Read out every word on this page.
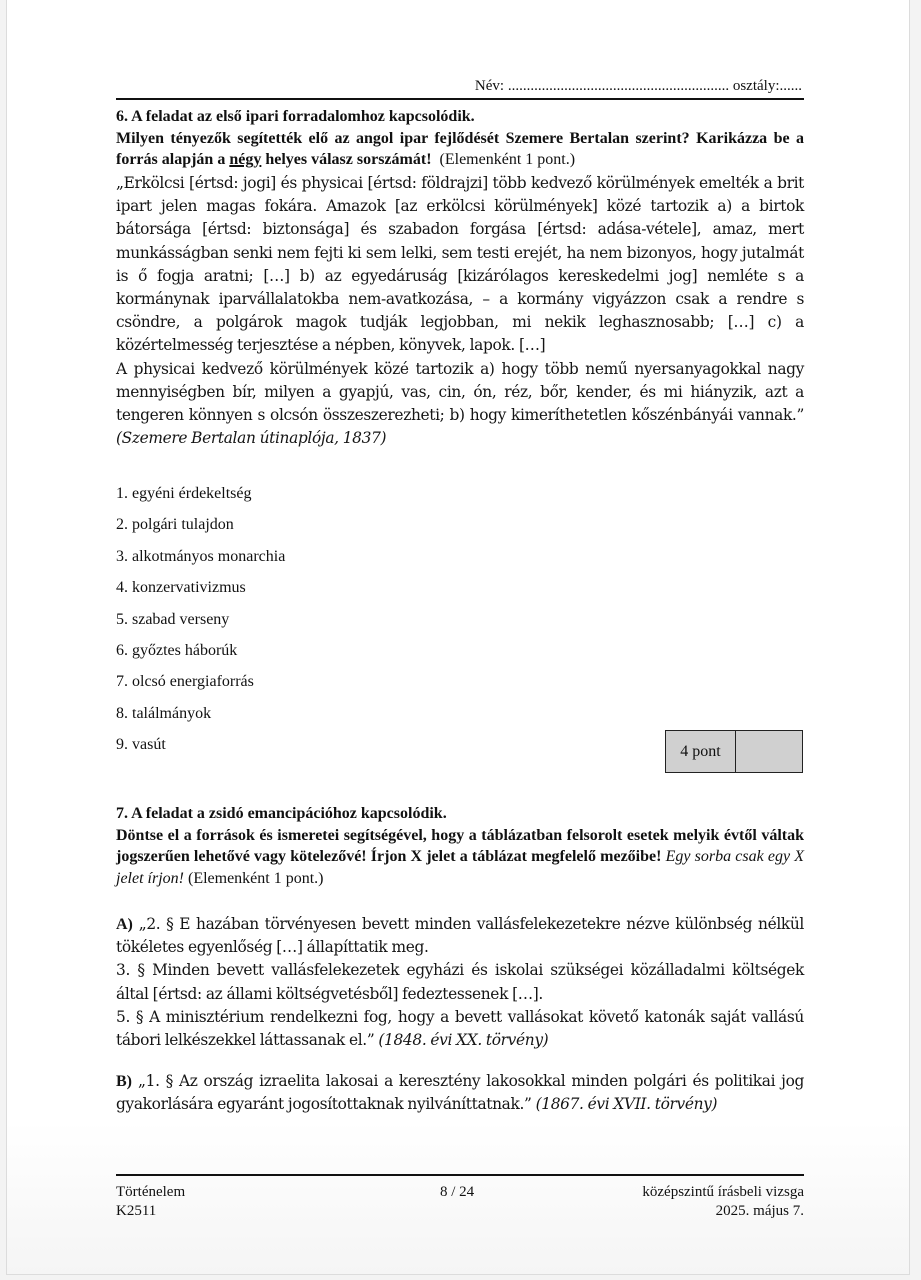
Név: ........................................................... osztály:......
6. A feladat az első ipari forradalomhoz kapcsolódik.
Milyen tényezők segítették elő az angol ipar fejlődését Szemere Bertalan szerint? Karikázza be a forrás alapján a négy helyes válasz sorszámát! (Elemenként 1 pont.)

„Erkölcsi [értsd: jogi] és physicai [értsd: földrajzi] több kedvező körülmények emelték a brit ipart jelen magas fokára. Amazok [az erkölcsi körülmények] közé tartozik a) a birtok bátorsága [értsd: biztonsága] és szabadon forgása [értsd: adása-vétele], amaz, mert munkásságban senki nem fejti ki sem lelki, sem testi erejét, ha nem bizonyos, hogy jutalmát is ő fogja aratni; […] b) az egyedáruság [kizárólagos kereskedelmi jog] nemléte s a kormánynak iparvállalatokba nem-avatkozása, – a kormány vigyázzon csak a rendre s csöndre, a polgárok magok tudják legjobban, mi nekik leghasznosabb; […] c) a közértelmesség terjesztése a népben, könyvek, lapok. […]

A physicai kedvező körülmények közé tartozik a) hogy több nemű nyersanyagokkal nagy mennyiségben bír, milyen a gyapjú, vas, cin, ón, réz, bőr, kender, és mi hiányzik, azt a tengeren könnyen s olcsón összeszerezheti; b) hogy kimeríthetetlen kőszénbányái vannak.” (Szemere Bertalan útinaplója, 1837)

1. egyéni érdekeltség
2. polgári tulajdon
3. alkotmányos monarchia
4. konzervativizmus
5. szabad verseny
6. győztes háborúk
7. olcsó energiaforrás
8. találmányok
9. vasút	4 pont
7. A feladat a zsidó emancipációhoz kapcsolódik.
Döntse el a források és ismeretei segítségével, hogy a táblázatban felsorolt esetek melyik évtől váltak jogszerűen lehetővé vagy kötelezővé! Írjon X jelet a táblázat megfelelő mezőibe! Egy sorba csak egy X jelet írjon! (Elemenként 1 pont.)

A) „2. § E hazában törvényesen bevett minden vallásfelekezetekre nézve különbség nélkül tökéletes egyenlőség […] állapíttatik meg.

3. § Minden bevett vallásfelekezetek egyházi és iskolai szükségei közálladalmi költségek által [értsd: az állami költségvetésből] fedeztessenek […].

5. § A minisztérium rendelkezni fog, hogy a bevett vallásokat követő katonák saját vallású tábori lelkészekkel láttassanak el.” (1848. évi XX. törvény)

B) „1. § Az ország izraelita lakosai a keresztény lakosokkal minden polgári és politikai jog gyakorlására egyaránt jogosítottaknak nyilváníttatnak.” (1867. évi XVII. törvény)

Történelem
K2511
8 / 24	középszintű írásbeli vizsga
2025. május 7.
